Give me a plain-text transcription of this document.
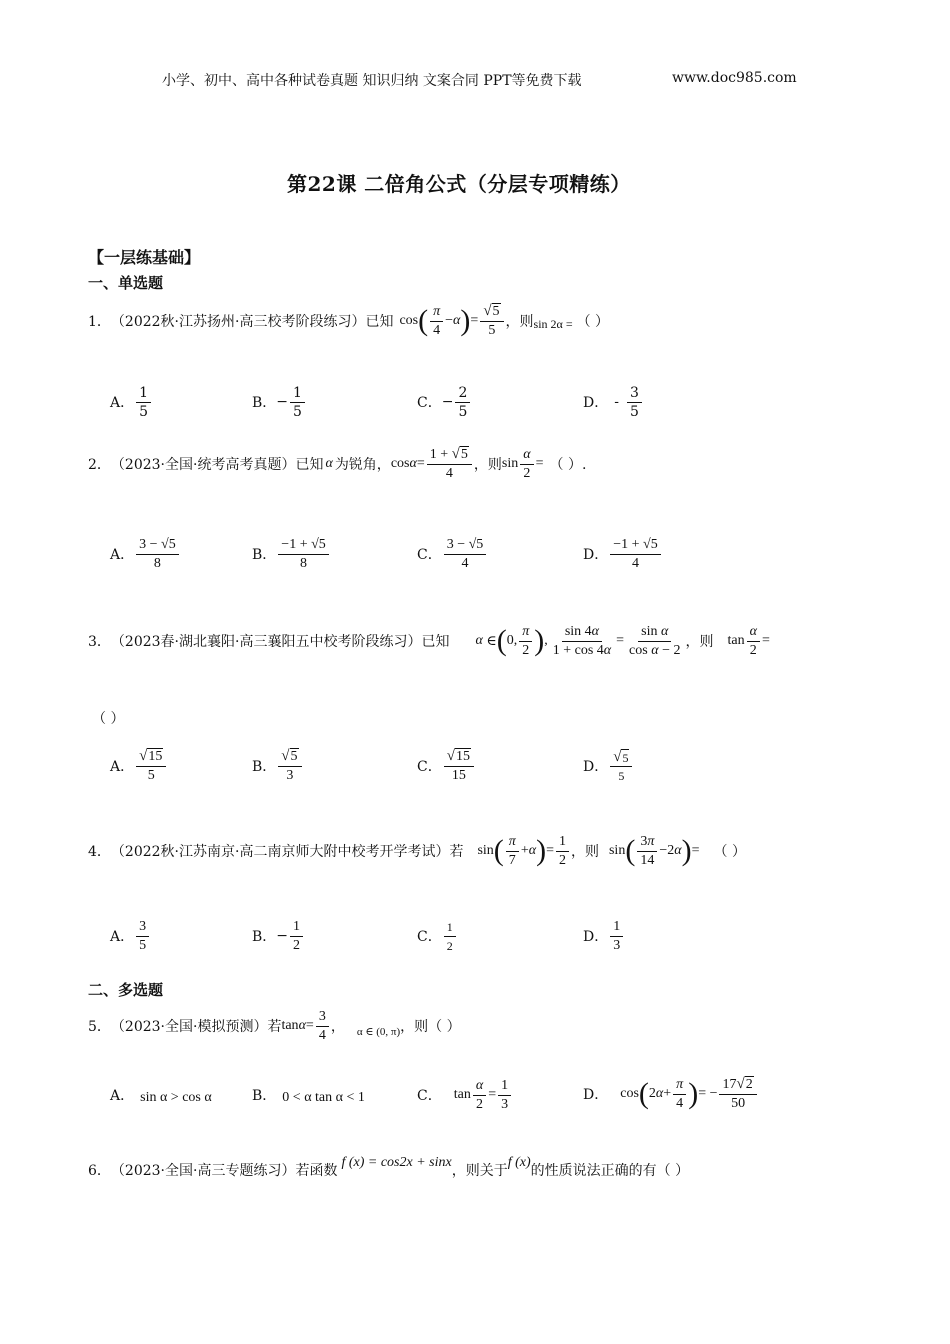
小学、初中、高中各种试卷真题 知识归纳 文案合同 PPT等免费下载	www.doc985.com
第22课 二倍角公式（分层专项精练）
【一层练基础】
一、单选题
1． （2022秋·江苏扬州·高三校考阶段练习）已知 cos ( $\frac{\pi}{4} - \alpha$ ) = $\frac{√ 5}{5}$ ，则 sin 2α = （ ）
A． $\frac{1}{5}$	B． − $\frac{1}{5}$	C． − $\frac{2}{5}$	D． - $\frac{3}{5}$
2． （2023·全国·统考高考真题）已知 α 为锐角， $\cos \alpha = \frac{1 + √ 5}{4}$ ，则 $\sin \frac{\alpha}{2}$ = （ ）.
A． $\frac{3 - √5}{8}$	B． $\frac{-1 + √5}{8}$	C． $\frac{3 - √5}{4}$	D． $\frac{-1 + √5}{4}$
3． （2023春·湖北襄阳·高三襄阳五中校考阶段练习）已知 α ∈ ( 0, $\frac{\pi}{2}$ ) , $\frac{\sin 4\alpha}{1 + \cos 4\alpha} = \frac{\text{sin α}}{\text{cos α − 2}}$ ，则 $\tan \frac{\alpha}{2}$ =
（ ）
A． $\frac{√ 15}{5}$	B． $\frac{√ 5}{3}$	C． $\frac{√ 15}{15}$	D． $\frac{√ 5}{5}$
4． （2022秋·江苏南京·高二南京师大附中校考开学考试）若 sin ( $\frac{\pi}{7} + \alpha$ ) = $\frac{1}{2}$ ，则 sin ( $\frac{3\pi}{14} -2$ α ) = （ ）
A． $\frac{3}{5}$	B． − $\frac{1}{2}$	C． $\frac{1}{2}$	D． $\frac{1}{3}$
二、多选题
5． （2023·全国·模拟预测）若 $\tan \alpha = \frac{3}{4}$ ， α ∈ (0, π) ，则（ ）
A． sin α > cos α	B． 0 < α tan α < 1	C． $\tan \frac{\alpha}{2} = \frac{1}{3}$	D． cos ( 2 $\alpha + \frac{\pi}{4}$ ) = − $\frac{17 √ 2}{50}$
6． （2023·全国·高三专题练习）若函数
f (x) = cos2x + sinx
，则关于
f (x)
的性质说法正确的有（ ）
